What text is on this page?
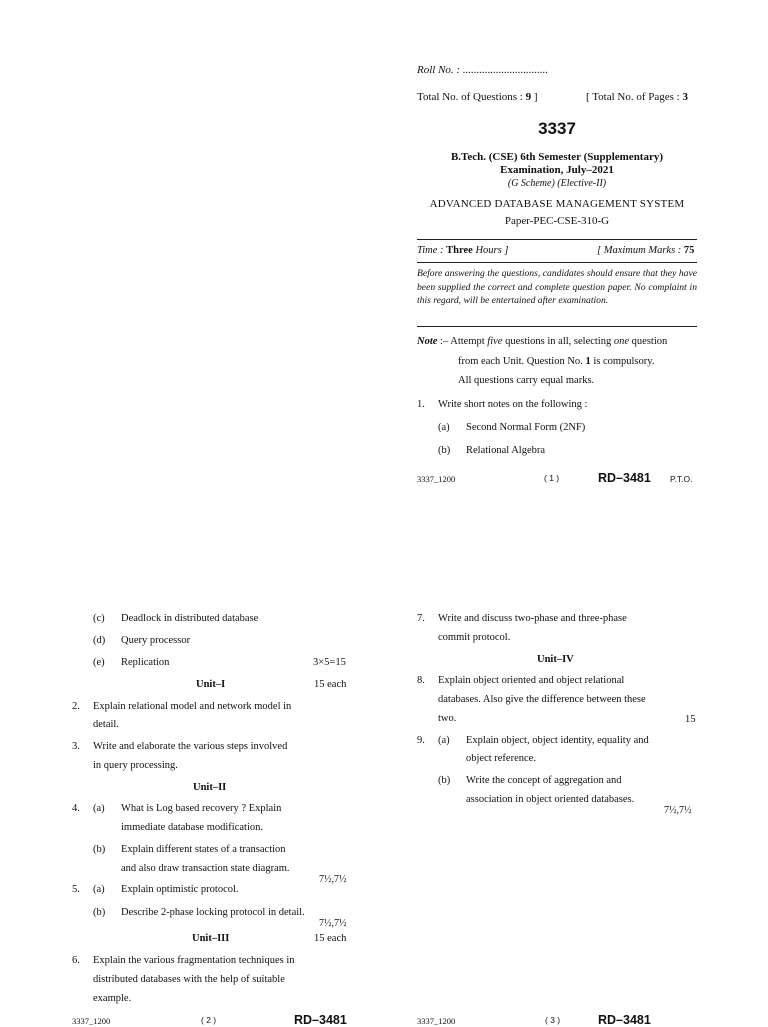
Roll No. : ...............................
Total No. of Questions : 9 ]	[ Total No. of Pages : 3
3337
B.Tech. (CSE) 6th Semester (Supplementary)
Examination, July–2021
(G Scheme) (Elective-II)
ADVANCED DATABASE MANAGEMENT SYSTEM
Paper-PEC-CSE-310-G
Time : Three Hours ]	[ Maximum Marks : 75
Before answering the questions, candidates should ensure that they have been supplied the correct and complete question paper. No complaint in this regard, will be entertained after examination.
Note :– Attempt five questions in all, selecting one question
from each Unit. Question No. 1 is compulsory.
All questions carry equal marks.
1. Write short notes on the following :
(a) Second Normal Form (2NF)
(b) Relational Algebra
3337_1200	( 1 )	RD–3481 P.T.O.
(c) Deadlock in distributed database
(d) Query processor
(e) Replication	3×5=15
Unit–I	15 each
2. Explain relational model and network model in
detail.
3. Write and elaborate the various steps involved
in query processing.
Unit–II
4. (a) What is Log based recovery ? Explain
immediate database modification.
(b) Explain different states of a transaction
and also draw transaction state diagram.
7½,7½
5. (a) Explain optimistic protocol.
(b) Describe 2-phase locking protocol in detail.
7½,7½
Unit–III	15 each
6. Explain the various fragmentation techniques in
distributed databases with the help of suitable
example.
3337_1200	( 2 )	RD–3481
7. Write and discuss two-phase and three-phase
commit protocol.
Unit–IV
8. Explain object oriented and object relational
databases. Also give the difference between these
two.	15
9. (a) Explain object, object identity, equality and
object reference.
(b) Write the concept of aggregation and
association in object oriented databases.
7½,7½
3337_1200	( 3 )	RD–3481
